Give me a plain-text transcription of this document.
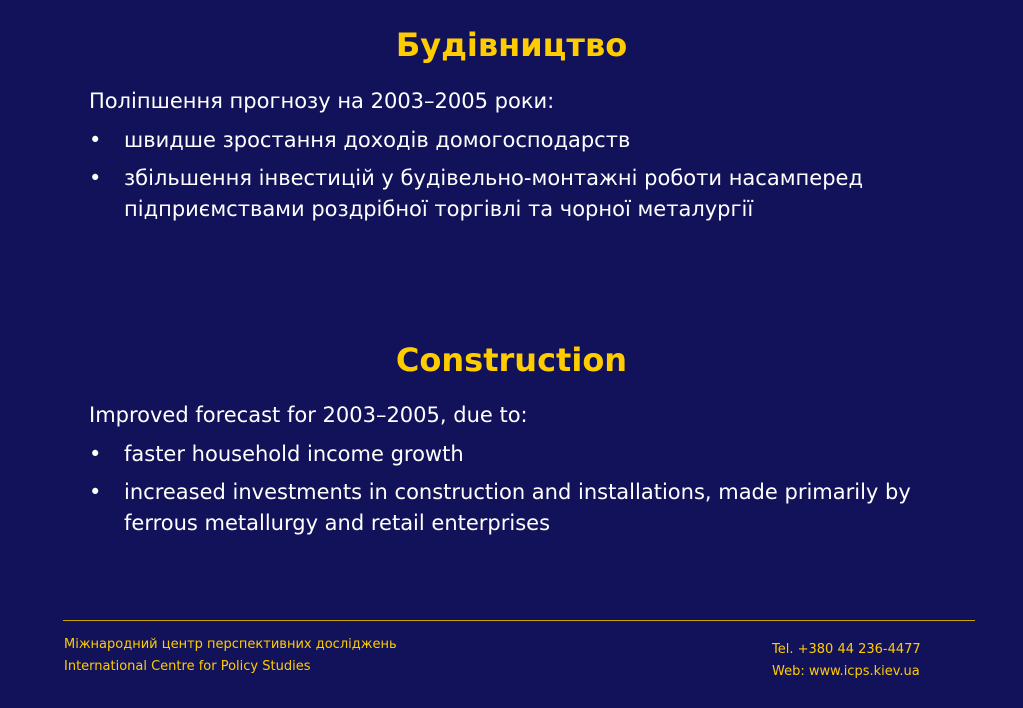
Будівництво
Поліпшення прогнозу на 2003–2005 роки:
•	швидше зростання доходів домогосподарств
•	збільшення інвестицій у будівельно-монтажні роботи насамперед підприємствами роздрібної торгівлі та чорної металургії
Construction
Improved forecast for 2003–2005, due to:
•	faster household income growth
•	increased investments in construction and installations, made primarily by ferrous metallurgy and retail enterprises
Міжнародний центр перспективних досліджень
International Centre for Policy Studies
Tel. +380 44 236-4477
Web: www.icps.kiev.ua
